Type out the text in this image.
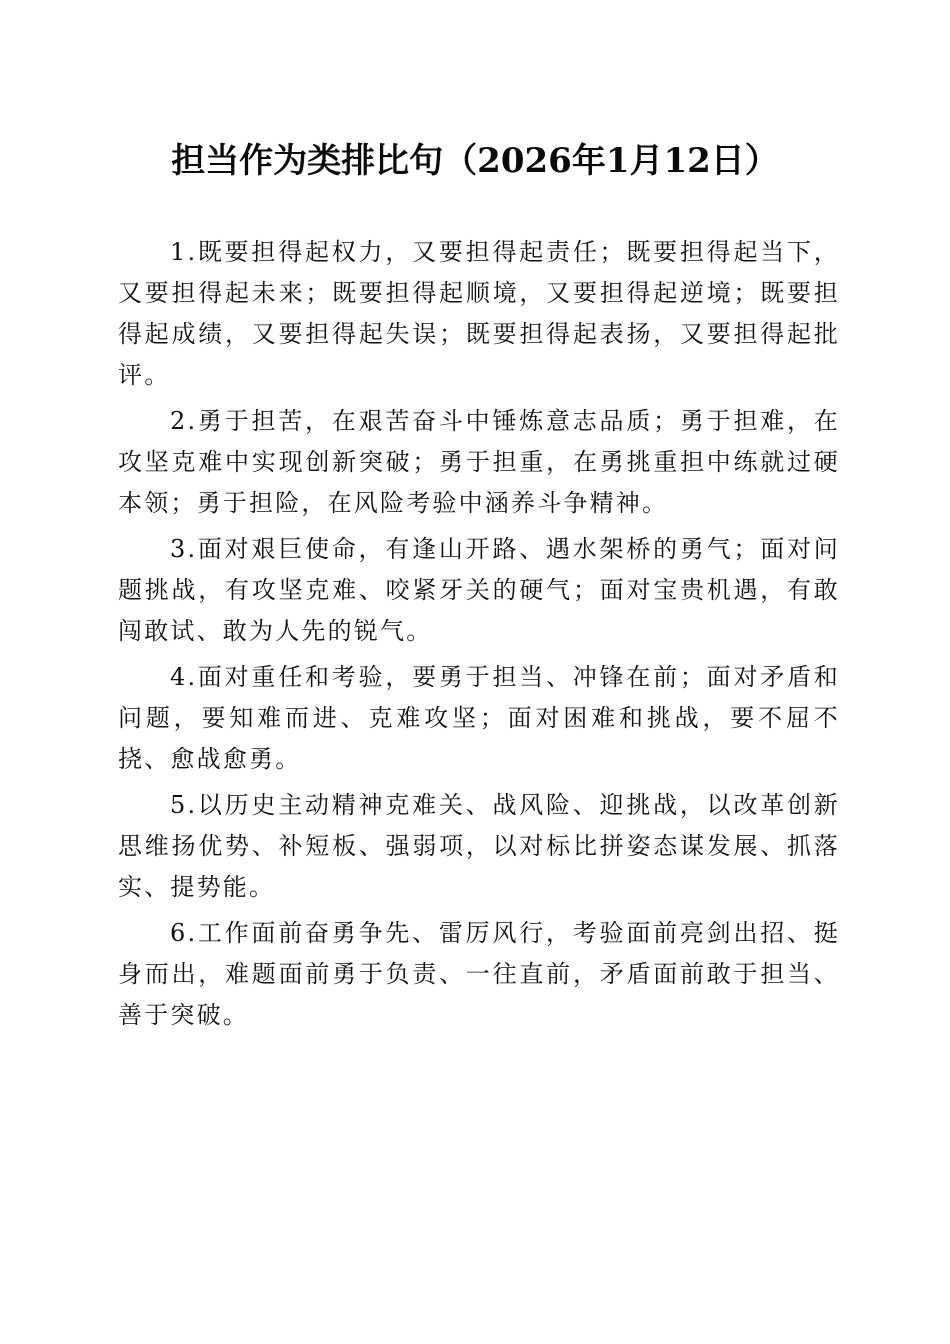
担当作为类排比句（2026年1月12日）

1.既要担得起权力，又要担得起责任；既要担得起当下，又要担得起未来；既要担得起顺境，又要担得起逆境；既要担得起成绩，又要担得起失误；既要担得起表扬，又要担得起批评。

2.勇于担苦，在艰苦奋斗中锤炼意志品质；勇于担难，在攻坚克难中实现创新突破；勇于担重，在勇挑重担中练就过硬本领；勇于担险，在风险考验中涵养斗争精神。

3.面对艰巨使命，有逢山开路、遇水架桥的勇气；面对问题挑战，有攻坚克难、咬紧牙关的硬气；面对宝贵机遇，有敢闯敢试、敢为人先的锐气。

4.面对重任和考验，要勇于担当、冲锋在前；面对矛盾和问题，要知难而进、克难攻坚；面对困难和挑战，要不屈不挠、愈战愈勇。

5.以历史主动精神克难关、战风险、迎挑战，以改革创新思维扬优势、补短板、强弱项，以对标比拼姿态谋发展、抓落实、提势能。

6.工作面前奋勇争先、雷厉风行，考验面前亮剑出招、挺身而出，难题面前勇于负责、一往直前，矛盾面前敢于担当、善于突破。
